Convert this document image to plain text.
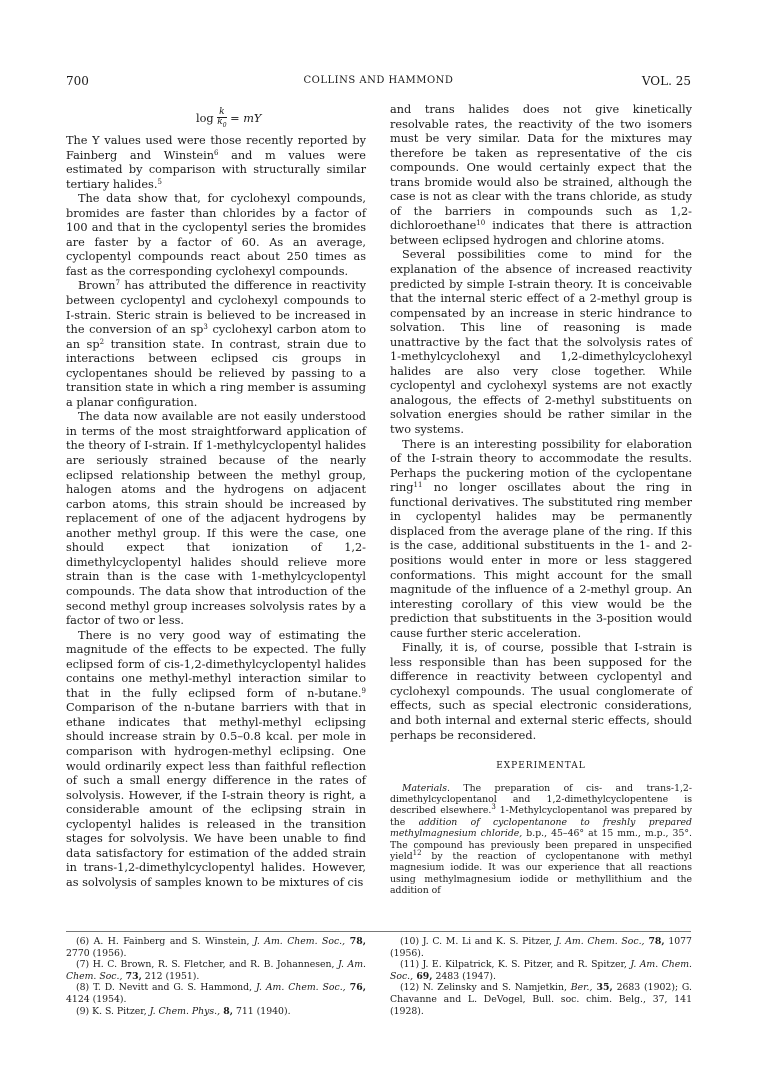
700	COLLINS AND HAMMOND	VOL. 25
$\log \frac{k}{k_0}$ = mY

The Y values used were those recently reported by Fainberg and Winstein$^6$ and m values were estimated by comparison with structurally similar tertiary halides.$^5$

The data show that, for cyclohexyl compounds, bromides are faster than chlorides by a factor of 100 and that in the cyclopentyl series the bromides are faster by a factor of 60. As an average, cyclopentyl compounds react about 250 times as fast as the corresponding cyclohexyl compounds.

Brown$^7$ has attributed the difference in reactivity between cyclopentyl and cyclohexyl compounds to I-strain. Steric strain is believed to be increased in the conversion of an $sp^3$ cyclohexyl carbon atom to an $sp^2$ transition state. In contrast, strain due to interactions between eclipsed cis groups in cyclopentanes should be relieved by passing to a transition state in which a ring member is assuming a planar configuration.

The data now available are not easily understood in terms of the most straightforward application of the theory of I-strain. If 1-methylcyclopentyl halides are seriously strained because of the nearly eclipsed relationship between the methyl group, halogen atoms and the hydrogens on adjacent carbon atoms, this strain should be increased by replacement of one of the adjacent hydrogens by another methyl group. If this were the case, one should expect that ionization of 1,2-dimethylcyclopentyl halides should relieve more strain than is the case with 1-methylcyclopentyl compounds. The data show that introduction of the second methyl group increases solvolysis rates by a factor of two or less.

There is no very good way of estimating the magnitude of the effects to be expected. The fully eclipsed form of cis-1,2-dimethylcyclopentyl halides contains one methyl-methyl interaction similar to that in the fully eclipsed form of n-butane.$^9$ Comparison of the n-butane barriers with that in ethane indicates that methyl-methyl eclipsing should increase strain by 0.5–0.8 kcal. per mole in comparison with hydrogen-methyl eclipsing. One would ordinarily expect less than faithful reflection of such a small energy difference in the rates of solvolysis. However, if the I-strain theory is right, a considerable amount of the eclipsing strain in cyclopentyl halides is released in the transition stages for solvolysis. We have been unable to find data satisfactory for estimation of the added strain in trans-1,2-dimethylcyclopentyl halides. However, as solvolysis of samples known to be mixtures of cis

and trans halides does not give kinetically resolvable rates, the reactivity of the two isomers must be very similar. Data for the mixtures may therefore be taken as representative of the cis compounds. One would certainly expect that the trans bromide would also be strained, although the case is not as clear with the trans chloride, as study of the barriers in compounds such as 1,2-dichloroethane$^{10}$ indicates that there is attraction between eclipsed hydrogen and chlorine atoms.

Several possibilities come to mind for the explanation of the absence of increased reactivity predicted by simple I-strain theory. It is conceivable that the internal steric effect of a 2-methyl group is compensated by an increase in steric hindrance to solvation. This line of reasoning is made unattractive by the fact that the solvolysis rates of 1-methylcyclohexyl and 1,2-dimethylcyclohexyl halides are also very close together. While cyclopentyl and cyclohexyl systems are not exactly analogous, the effects of 2-methyl substituents on solvation energies should be rather similar in the two systems.

There is an interesting possibility for elaboration of the I-strain theory to accommodate the results. Perhaps the puckering motion of the cyclopentane ring$^{11}$ no longer oscillates about the ring in functional derivatives. The substituted ring member in cyclopentyl halides may be permanently displaced from the average plane of the ring. If this is the case, additional substituents in the 1- and 2-positions would enter in more or less staggered conformations. This might account for the small magnitude of the influence of a 2-methyl group. An interesting corollary of this view would be the prediction that substituents in the 3-position would cause further steric acceleration.

Finally, it is, of course, possible that I-strain is less responsible than has been supposed for the difference in reactivity between cyclopentyl and cyclohexyl compounds. The usual conglomerate of effects, such as special electronic considerations, and both internal and external steric effects, should perhaps be reconsidered.

EXPERIMENTAL

Materials. The preparation of cis- and trans-1,2-dimethylcyclopentanol and 1,2-dimethylcyclopentene is described elsewhere.$^3$ 1-Methylcyclopentanol was prepared by the addition of cyclopentanone to freshly prepared methylmagnesium chloride, b.p., 45–46° at 15 mm., m.p., 35°. The compound has previously been prepared in unspecified yield$^{12}$ by the reaction of cyclopentanone with methyl magnesium iodide. It was our experience that all reactions using methylmagnesium iodide or methyllithium and the addition of

(6) A. H. Fainberg and S. Winstein, J. Am. Chem. Soc., 78, 2770 (1956).

(7) H. C. Brown, R. S. Fletcher, and R. B. Johannesen, J. Am. Chem. Soc., 73, 212 (1951).

(8) T. D. Nevitt and G. S. Hammond, J. Am. Chem. Soc., 76, 4124 (1954).

(9) K. S. Pitzer, J. Chem. Phys., 8, 711 (1940).

(10) J. C. M. Li and K. S. Pitzer, J. Am. Chem. Soc., 78, 1077 (1956).

(11) J. E. Kilpatrick, K. S. Pitzer, and R. Spitzer, J. Am. Chem. Soc., 69, 2483 (1947).

(12) N. Zelinsky and S. Namjetkin, Ber., 35, 2683 (1902); G. Chavanne and L. DeVogel, Bull. soc. chim. Belg., 37, 141 (1928).
